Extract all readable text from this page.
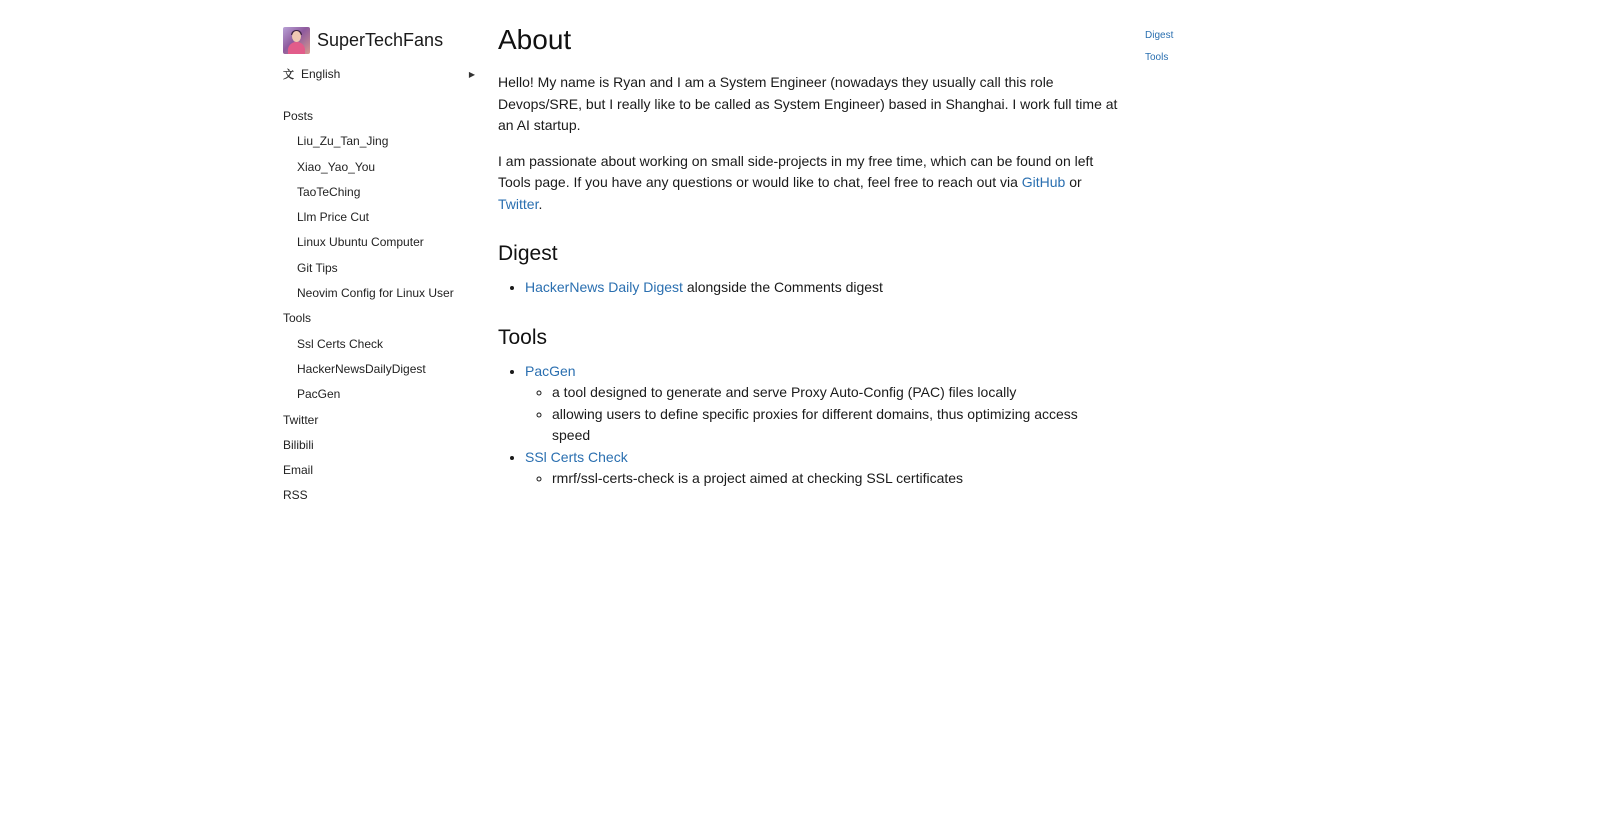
SuperTechFans
文 English	▶
Posts
Liu_Zu_Tan_Jing
Xiao_Yao_You
TaoTeChing
Llm Price Cut
Linux Ubuntu Computer
Git Tips
Neovim Config for Linux User
Tools
Ssl Certs Check
HackerNewsDailyDigest
PacGen
Twitter
Bilibili
Email
RSS
About

Hello! My name is Ryan and I am a System Engineer (nowadays they usually call this role Devops/SRE, but I really like to be called as System Engineer) based in Shanghai. I work full time at an AI startup.

I am passionate about working on small side-projects in my free time, which can be found on left Tools page. If you have any questions or would like to chat, feel free to reach out via GitHub or Twitter.

Digest
• HackerNews Daily Digest alongside the Comments digest
Tools
• PacGen
◦ a tool designed to generate and serve Proxy Auto-Config (PAC) files locally
◦ allowing users to define specific proxies for different domains, thus optimizing access speed
• SSl Certs Check
◦ rmrf/ssl-certs-check is a project aimed at checking SSL certificates
Digest
Tools
